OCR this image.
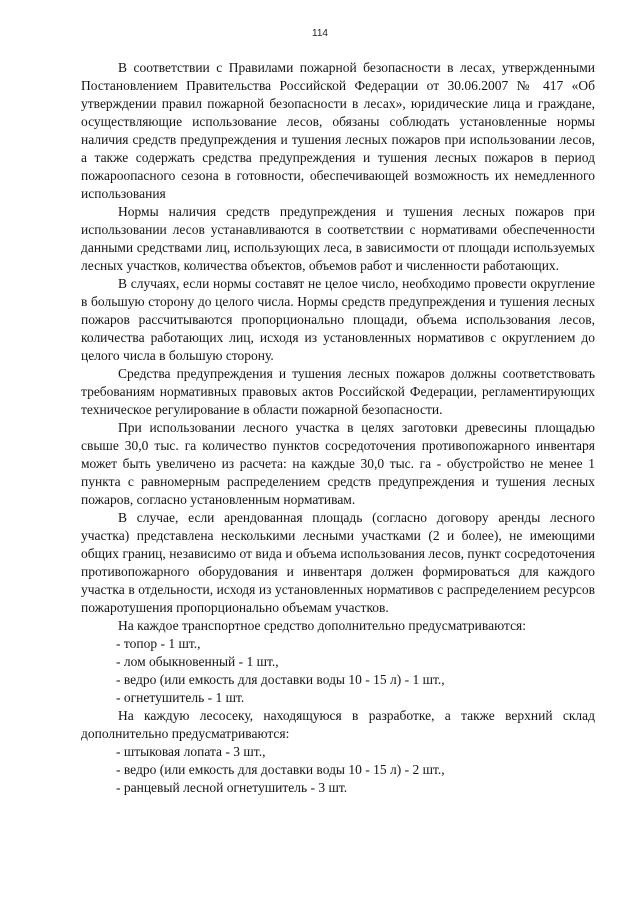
114

В соответствии с Правилами пожарной безопасности в лесах, утвержденными Постановлением Правительства Российской Федерации от 30.06.2007 № 417 «Об утверждении правил пожарной безопасности в лесах», юридические лица и граждане, осуществляющие использование лесов, обязаны соблюдать установленные нормы наличия средств предупреждения и тушения лесных пожаров при использовании лесов, а также содержать средства предупреждения и тушения лесных пожаров в период пожароопасного сезона в готовности, обеспечивающей возможность их немедленного использования

Нормы наличия средств предупреждения и тушения лесных пожаров при использовании лесов устанавливаются в соответствии с нормативами обеспеченности данными средствами лиц, использующих леса, в зависимости от площади используемых лесных участков, количества объектов, объемов работ и численности работающих.

В случаях, если нормы составят не целое число, необходимо провести округление в большую сторону до целого числа. Нормы средств предупреждения и тушения лесных пожаров рассчитываются пропорционально площади, объема использования лесов, количества работающих лиц, исходя из установленных нормативов с округлением до целого числа в большую сторону.

Средства предупреждения и тушения лесных пожаров должны соответствовать требованиям нормативных правовых актов Российской Федерации, регламентирующих техническое регулирование в области пожарной безопасности.

При использовании лесного участка в целях заготовки древесины площадью свыше 30,0 тыс. га количество пунктов сосредоточения противопожарного инвентаря может быть увеличено из расчета: на каждые 30,0 тыс. га - обустройство не менее 1 пункта с равномерным распределением средств предупреждения и тушения лесных пожаров, согласно установленным нормативам.

В случае, если арендованная площадь (согласно договору аренды лесного участка) представлена несколькими лесными участками (2 и более), не имеющими общих границ, независимо от вида и объема использования лесов, пункт сосредоточения противопожарного оборудования и инвентаря должен формироваться для каждого участка в отдельности, исходя из установленных нормативов с распределением ресурсов пожаротушения пропорционально объемам участков.

На каждое транспортное средство дополнительно предусматриваются:

- топор - 1 шт.,

- лом обыкновенный - 1 шт.,

- ведро (или емкость для доставки воды 10 - 15 л) - 1 шт.,

- огнетушитель - 1 шт.

На каждую лесосеку, находящуюся в разработке, а также верхний склад дополнительно предусматриваются:

- штыковая лопата - 3 шт.,

- ведро (или емкость для доставки воды 10 - 15 л) - 2 шт.,

- ранцевый лесной огнетушитель - 3 шт.
